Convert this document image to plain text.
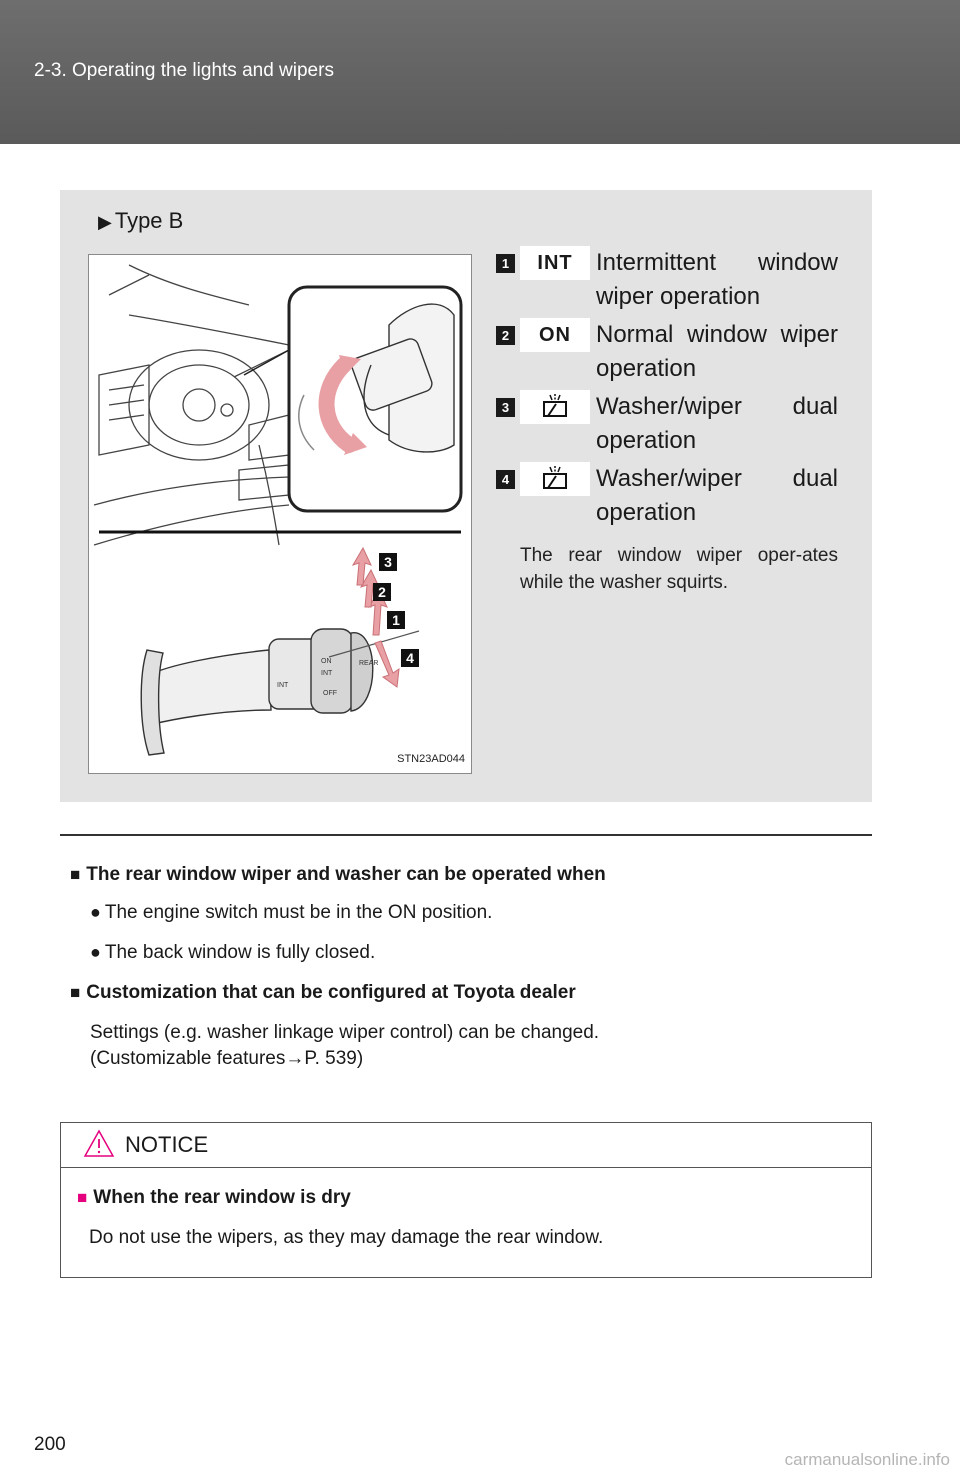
2-3. Operating the lights and wipers
▶ Type B
INT
ON
INT
OFF
REAR
3
2
1
4
STN23AD044
1	INT Intermittent window wiper operation
2	ON	Normal window wiper operation
3	Washer/wiper dual operation
4	Washer/wiper dual operation
The rear window wiper oper-ates while the washer squirts.
■ The rear window wiper and washer can be operated when
● The engine switch must be in the ON position.
● The back window is fully closed.
■ Customization that can be configured at Toyota dealer
Settings (e.g. washer linkage wiper control) can be changed.
(Customizable features→P. 539)
NOTICE
■ When the rear window is dry
Do not use the wipers, as they may damage the rear window.
200
carmanualsonline.info
